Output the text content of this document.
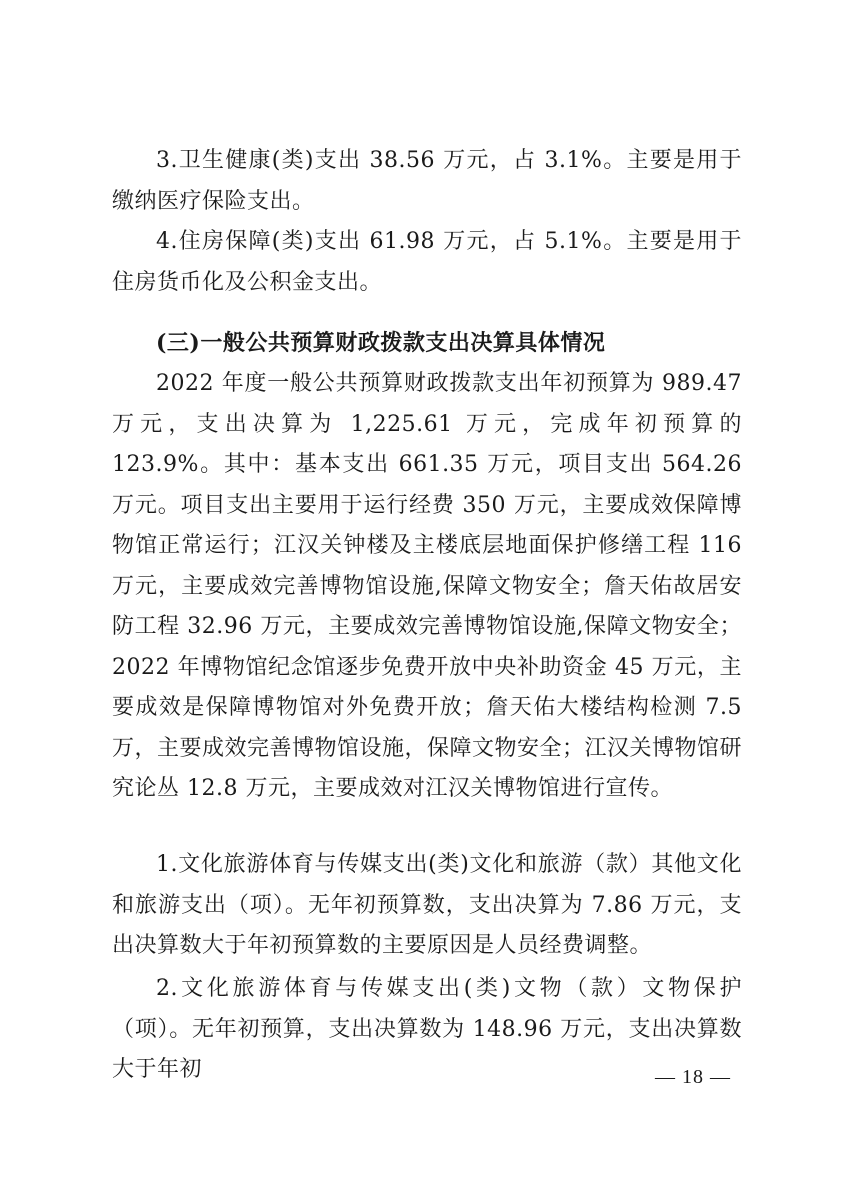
3.卫生健康(类)支出 38.56 万元，占 3.1%。主要是用于缴纳医疗保险支出。

4.住房保障(类)支出 61.98 万元，占 5.1%。主要是用于住房货币化及公积金支出。

(三)一般公共预算财政拨款支出决算具体情况

2022 年度一般公共预算财政拨款支出年初预算为 989.47 万元，支出决算为 1,225.61 万元，完成年初预算的 123.9%。其中：基本支出 661.35 万元，项目支出 564.26 万元。项目支出主要用于运行经费 350 万元，主要成效保障博物馆正常运行；江汉关钟楼及主楼底层地面保护修缮工程 116 万元，主要成效完善博物馆设施,保障文物安全；詹天佑故居安防工程 32.96 万元，主要成效完善博物馆设施,保障文物安全；2022 年博物馆纪念馆逐步免费开放中央补助资金 45 万元，主要成效是保障博物馆对外免费开放；詹天佑大楼结构检测 7.5 万，主要成效完善博物馆设施，保障文物安全；江汉关博物馆研究论丛 12.8 万元，主要成效对江汉关博物馆进行宣传。

1.文化旅游体育与传媒支出(类)文化和旅游（款）其他文化和旅游支出（项）。无年初预算数，支出决算为 7.86 万元，支出决算数大于年初预算数的主要原因是人员经费调整。

2.文化旅游体育与传媒支出(类)文物（款）文物保护（项）。无年初预算，支出决算数为 148.96 万元，支出决算数大于年初	— 18 —
